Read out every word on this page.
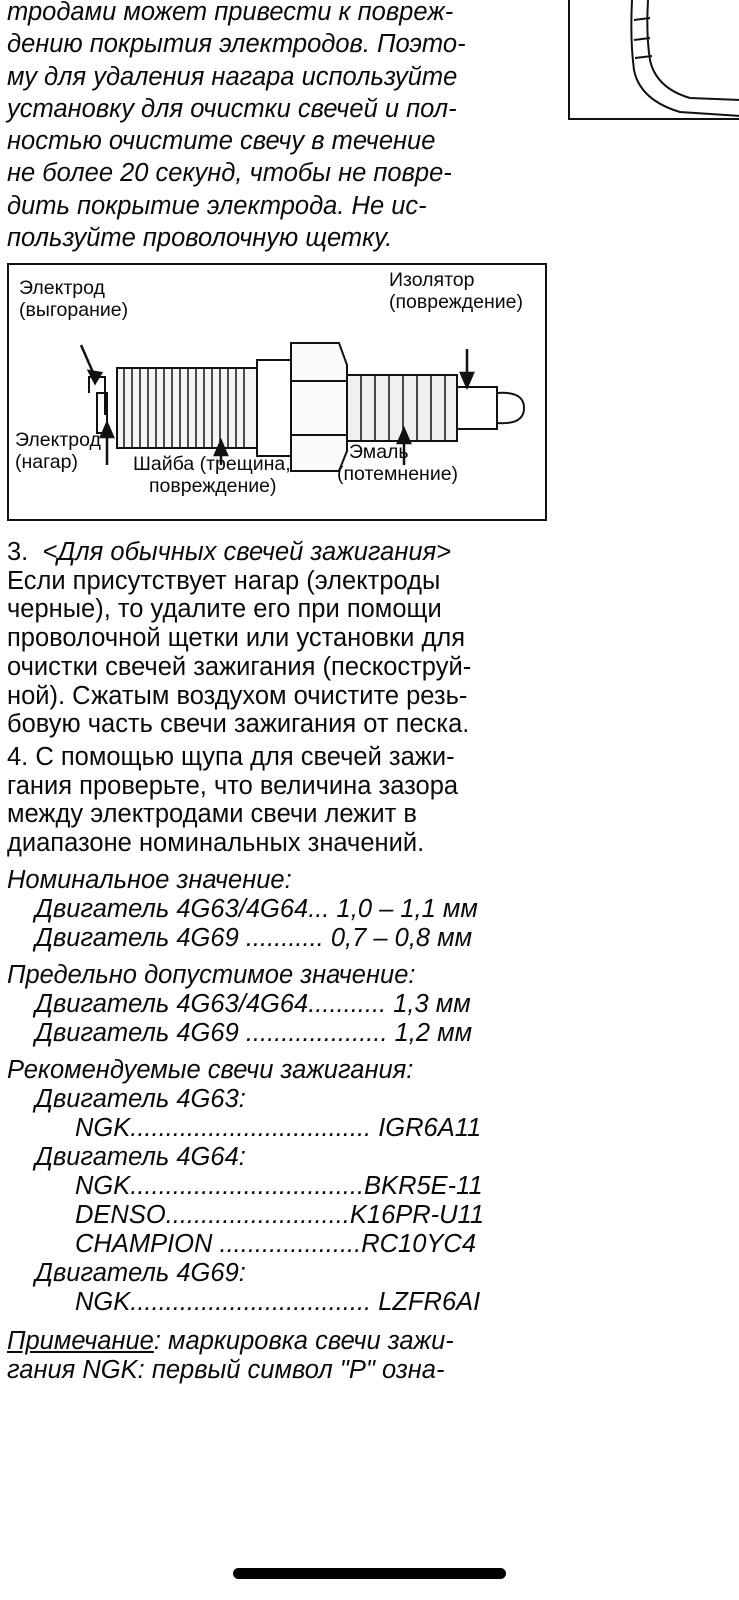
тродами может привести к повреж-

дению покрытия электродов. Поэто-

му для удаления нагара используйте

установку для очистки свечей и пол-

ностью очистите свечу в течение

не более 20 секунд, чтобы не повре-

дить покрытие электрода. Не ис-

пользуйте проволочную щетку.

Электрод
(выгорание)
Изолятор
(повреждение)
Электрод
(нагар)	Шайба (трещина,
повреждение)
Эмаль
(потемнение)
3. <Для обычных свечей зажигания>
Если присутствует нагар (электроды
черные), то удалите его при помощи
проволочной щетки или установки для
очистки свечей зажигания (пескоструй-
ной). Сжатым воздухом очистите резь-
бовую часть свечи зажигания от песка.
4. С помощью щупа для свечей зажи-
гания проверьте, что величина зазора
между электродами свечи лежит в
диапазоне номинальных значений.
Номинальное значение:
Двигатель 4G63/4G64... 1,0 – 1,1 мм
Двигатель 4G69 ........... 0,7 – 0,8 мм
Предельно допустимое значение:
Двигатель 4G63/4G64........... 1,3 мм
Двигатель 4G69 .................... 1,2 мм
Рекомендуемые свечи зажигания:
Двигатель 4G63:
NGK.................................. IGR6A11
Двигатель 4G64:
NGK.................................BKR5E-11
DENSO..........................K16PR-U11
CHAMPION ....................RC10YC4
Двигатель 4G69:
NGK.................................. LZFR6AI
Примечание: маркировка свечи зажи-
гания NGK: первый символ "Р" озна-
